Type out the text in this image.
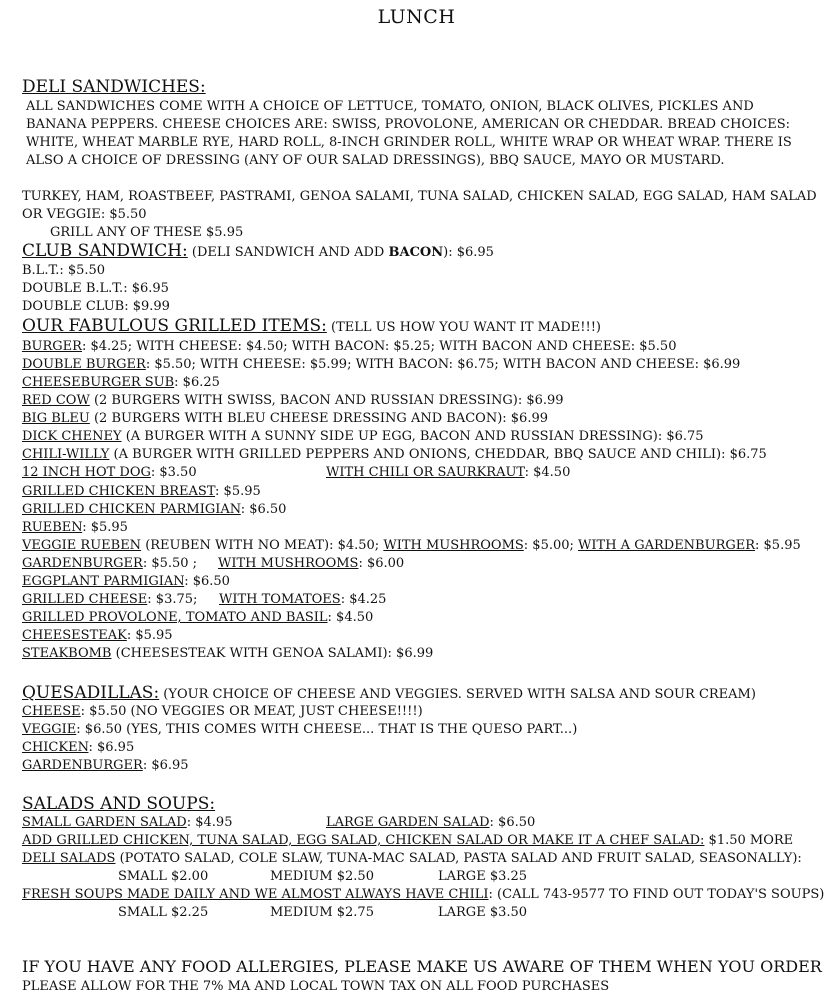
LUNCH
DELI SANDWICHES:
ALL SANDWICHES COME WITH A CHOICE OF LETTUCE, TOMATO, ONION, BLACK OLIVES, PICKLES AND BANANA PEPPERS. CHEESE CHOICES ARE: SWISS, PROVOLONE, AMERICAN OR CHEDDAR. BREAD CHOICES: WHITE, WHEAT MARBLE RYE, HARD ROLL, 8-INCH GRINDER ROLL, WHITE WRAP OR WHEAT WRAP. THERE IS ALSO A CHOICE OF DRESSING (ANY OF OUR SALAD DRESSINGS), BBQ SAUCE, MAYO OR MUSTARD.
TURKEY, HAM, ROASTBEEF, PASTRAMI, GENOA SALAMI, TUNA SALAD, CHICKEN SALAD, EGG SALAD, HAM SALAD OR VEGGIE: $5.50
GRILL ANY OF THESE $5.95
CLUB SANDWICH: (DELI SANDWICH AND ADD BACON): $6.95
B.L.T.: $5.50
DOUBLE B.L.T.: $6.95
DOUBLE CLUB: $9.99
OUR FABULOUS GRILLED ITEMS: (TELL US HOW YOU WANT IT MADE!!!)
BURGER: $4.25; WITH CHEESE: $4.50; WITH BACON: $5.25; WITH BACON AND CHEESE: $5.50
DOUBLE BURGER: $5.50; WITH CHEESE: $5.99; WITH BACON: $6.75; WITH BACON AND CHEESE: $6.99
CHEESEBURGER SUB: $6.25
RED COW (2 BURGERS WITH SWISS, BACON AND RUSSIAN DRESSING): $6.99
BIG BLEU (2 BURGERS WITH BLEU CHEESE DRESSING AND BACON): $6.99
DICK CHENEY (A BURGER WITH A SUNNY SIDE UP EGG, BACON AND RUSSIAN DRESSING): $6.75
CHILI-WILLY (A BURGER WITH GRILLED PEPPERS AND ONIONS, CHEDDAR, BBQ SAUCE AND CHILI): $6.75
12 INCH HOT DOG: $3.50	WITH CHILI OR SAURKRAUT: $4.50
GRILLED CHICKEN BREAST: $5.95
GRILLED CHICKEN PARMIGIAN: $6.50
RUEBEN: $5.95
VEGGIE RUEBEN (REUBEN WITH NO MEAT): $4.50; WITH MUSHROOMS: $5.00; WITH A GARDENBURGER: $5.95
GARDENBURGER: $5.50 ; WITH MUSHROOMS: $6.00
EGGPLANT PARMIGIAN: $6.50
GRILLED CHEESE: $3.75; WITH TOMATOES: $4.25
GRILLED PROVOLONE, TOMATO AND BASIL: $4.50
CHEESESTEAK: $5.95
STEAKBOMB (CHEESESTEAK WITH GENOA SALAMI): $6.99
QUESADILLAS: (YOUR CHOICE OF CHEESE AND VEGGIES. SERVED WITH SALSA AND SOUR CREAM)
CHEESE: $5.50 (NO VEGGIES OR MEAT, JUST CHEESE!!!!)
VEGGIE: $6.50 (YES, THIS COMES WITH CHEESE... THAT IS THE QUESO PART...)
CHICKEN: $6.95
GARDENBURGER: $6.95
SALADS AND SOUPS:
SMALL GARDEN SALAD: $4.95	LARGE GARDEN SALAD: $6.50
ADD GRILLED CHICKEN, TUNA SALAD, EGG SALAD, CHICKEN SALAD OR MAKE IT A CHEF SALAD: $1.50 MORE
DELI SALADS (POTATO SALAD, COLE SLAW, TUNA-MAC SALAD, PASTA SALAD AND FRUIT SALAD, SEASONALLY):
SMALL $2.00	MEDIUM $2.50	LARGE $3.25
FRESH SOUPS MADE DAILY AND WE ALMOST ALWAYS HAVE CHILI: (CALL 743-9577 TO FIND OUT TODAY'S SOUPS)
SMALL $2.25	MEDIUM $2.75	LARGE $3.50
IF YOU HAVE ANY FOOD ALLERGIES, PLEASE MAKE US AWARE OF THEM WHEN YOU ORDER
PLEASE ALLOW FOR THE 7% MA AND LOCAL TOWN TAX ON ALL FOOD PURCHASES
